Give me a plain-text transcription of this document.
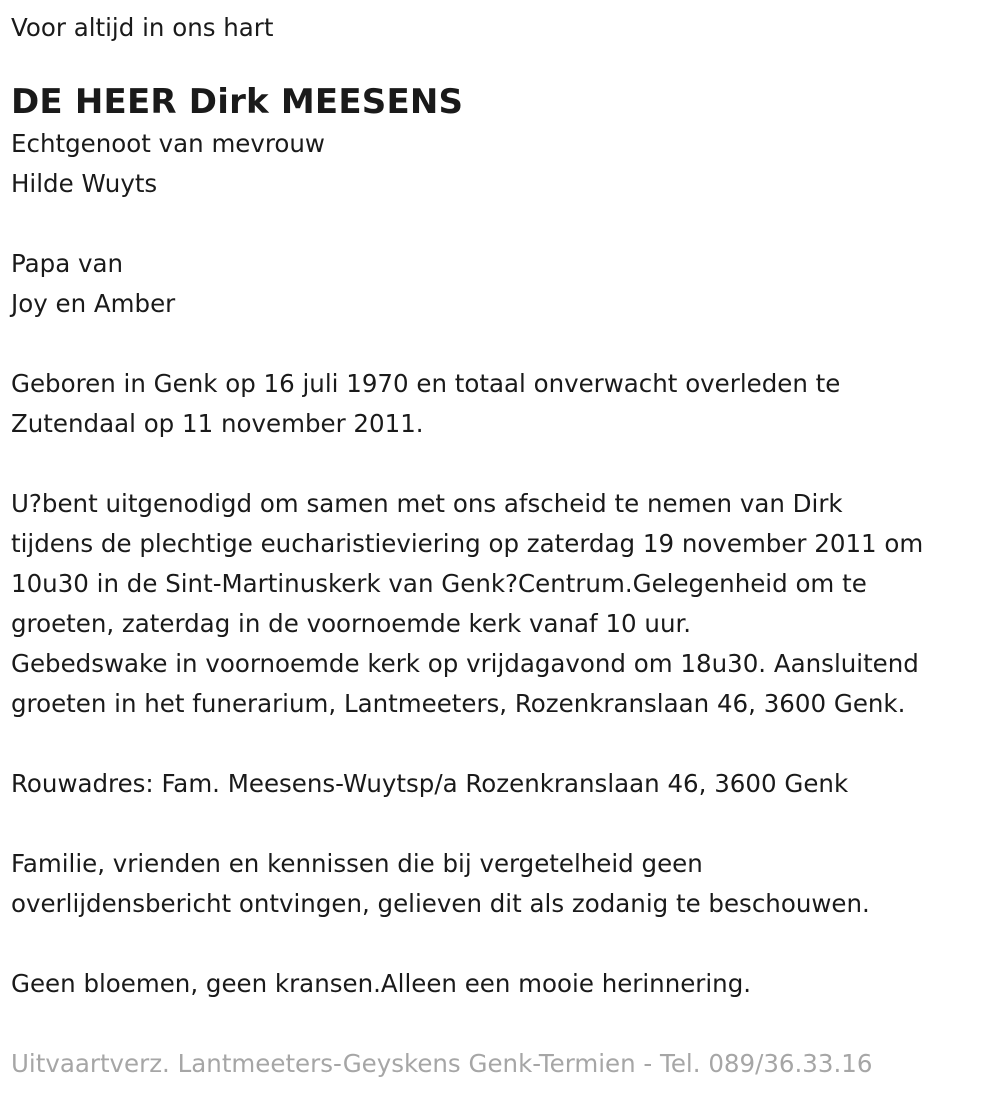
Voor altijd in ons hart
DE HEER Dirk MEESENS
Echtgenoot van mevrouw
Hilde Wuyts
Papa van
Joy en Amber
Geboren in Genk op 16 juli 1970 en totaal onverwacht overleden te
Zutendaal op 11 november 2011.
U?bent uitgenodigd om samen met ons afscheid te nemen van Dirk
tijdens de plechtige eucharistieviering op zaterdag 19 november 2011 om
10u30 in de Sint-Martinuskerk van Genk?Centrum.Gelegenheid om te
groeten, zaterdag in de voornoemde kerk vanaf 10 uur.
Gebedswake in voornoemde kerk op vrijdagavond om 18u30. Aansluitend
groeten in het funerarium, Lantmeeters, Rozenkranslaan 46, 3600 Genk.
Rouwadres: Fam. Meesens-Wuytsp/a Rozenkranslaan 46, 3600 Genk
Familie, vrienden en kennissen die bij vergetelheid geen
overlijdensbericht ontvingen, gelieven dit als zodanig te beschouwen.
Geen bloemen, geen kransen.Alleen een mooie herinnering.
Uitvaartverz. Lantmeeters-Geyskens Genk-Termien - Tel. 089/36.33.16
